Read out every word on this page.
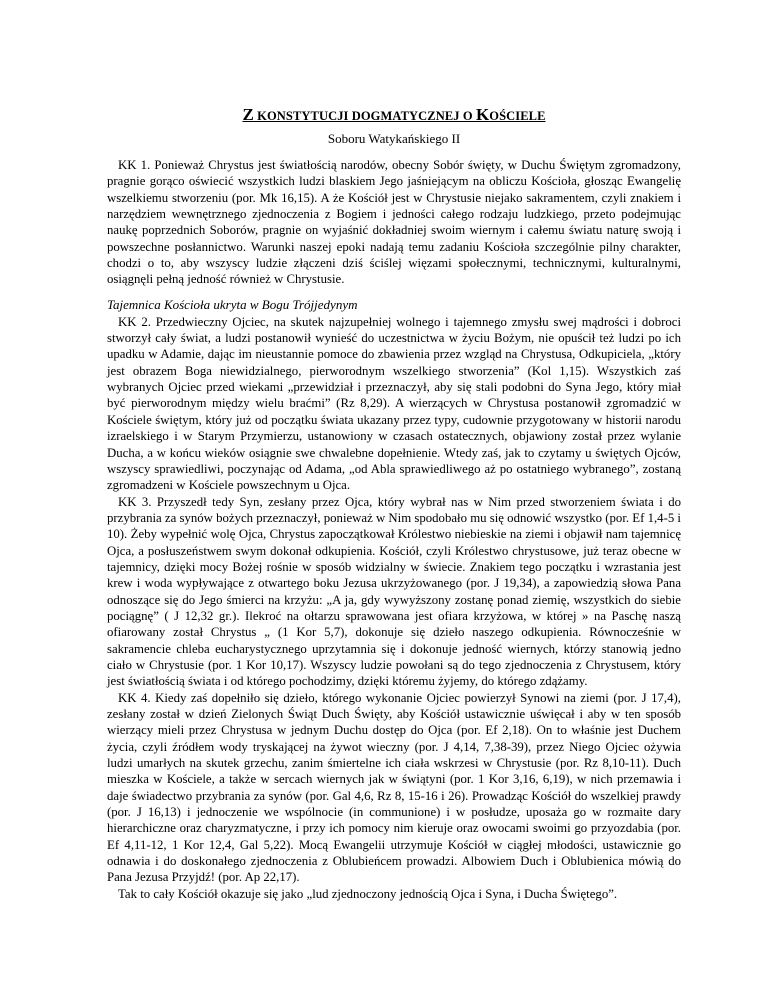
Z KONSTYTUCJI DOGMATYCZNEJ O KOŚCIELE

Soboru Watykańskiego II

KK 1. Ponieważ Chrystus jest światłością narodów, obecny Sobór święty, w Duchu Świętym zgromadzony, pragnie gorąco oświecić wszystkich ludzi blaskiem Jego jaśniejącym na obliczu Kościoła, głosząc Ewangelię wszelkiemu stworzeniu (por. Mk 16,15). A że Kościół jest w Chrystusie niejako sakramentem, czyli znakiem i narzędziem wewnętrznego zjednoczenia z Bogiem i jedności całego rodzaju ludzkiego, przeto podejmując naukę poprzednich Soborów, pragnie on wyjaśnić dokładniej swoim wiernym i całemu światu naturę swoją i powszechne posłannictwo. Warunki naszej epoki nadają temu zadaniu Kościoła szczególnie pilny charakter, chodzi o to, aby wszyscy ludzie złączeni dziś ściślej więzami społecznymi, technicznymi, kulturalnymi, osiągnęli pełną jedność również w Chrystusie.

Tajemnica Kościoła ukryta w Bogu Trójjedynym

KK 2. Przedwieczny Ojciec, na skutek najzupełniej wolnego i tajemnego zmysłu swej mądrości i dobroci stworzył cały świat, a ludzi postanowił wynieść do uczestnictwa w życiu Bożym, nie opuścił też ludzi po ich upadku w Adamie, dając im nieustannie pomoce do zbawienia przez wzgląd na Chrystusa, Odkupiciela, „który jest obrazem Boga niewidzialnego, pierworodnym wszelkiego stworzenia” (Kol 1,15). Wszystkich zaś wybranych Ojciec przed wiekami „przewidział i przeznaczył, aby się stali podobni do Syna Jego, który miał być pierworodnym między wielu braćmi” (Rz 8,29). A wierzących w Chrystusa postanowił zgromadzić w Kościele świętym, który już od początku świata ukazany przez typy, cudownie przygotowany w historii narodu izraelskiego i w Starym Przymierzu, ustanowiony w czasach ostatecznych, objawiony został przez wylanie Ducha, a w końcu wieków osiągnie swe chwalebne dopełnienie. Wtedy zaś, jak to czytamy u świętych Ojców, wszyscy sprawiedliwi, poczynając od Adama, „od Abla sprawiedliwego aż po ostatniego wybranego”, zostaną zgromadzeni w Kościele powszechnym u Ojca.

KK 3. Przyszedł tedy Syn, zesłany przez Ojca, który wybrał nas w Nim przed stworzeniem świata i do przybrania za synów bożych przeznaczył, ponieważ w Nim spodobało mu się odnowić wszystko (por. Ef 1,4-5 i 10). Żeby wypełnić wolę Ojca, Chrystus zapoczątkował Królestwo niebieskie na ziemi i objawił nam tajemnicę Ojca, a posłuszeństwem swym dokonał odkupienia. Kościół, czyli Królestwo chrystusowe, już teraz obecne w tajemnicy, dzięki mocy Bożej rośnie w sposób widzialny w świecie. Znakiem tego początku i wzrastania jest krew i woda wypływające z otwartego boku Jezusa ukrzyżowanego (por. J 19,34), a zapowiedzią słowa Pana odnoszące się do Jego śmierci na krzyżu: „A ja, gdy wywyższony zostanę ponad ziemię, wszystkich do siebie pociągnę” ( J 12,32 gr.). Ilekroć na ołtarzu sprawowana jest ofiara krzyżowa, w której » na Paschę naszą ofiarowany został Chrystus „ (1 Kor 5,7), dokonuje się dzieło naszego odkupienia. Równocześnie w sakramencie chleba eucharystycznego uprzytamnia się i dokonuje jedność wiernych, którzy stanowią jedno ciało w Chrystusie (por. 1 Kor 10,17). Wszyscy ludzie powołani są do tego zjednoczenia z Chrystusem, który jest światłością świata i od którego pochodzimy, dzięki któremu żyjemy, do którego zdążamy.

KK 4. Kiedy zaś dopełniło się dzieło, którego wykonanie Ojciec powierzył Synowi na ziemi (por. J 17,4), zesłany został w dzień Zielonych Świąt Duch Święty, aby Kościół ustawicznie uświęcał i aby w ten sposób wierzący mieli przez Chrystusa w jednym Duchu dostęp do Ojca (por. Ef 2,18). On to właśnie jest Duchem życia, czyli źródłem wody tryskającej na żywot wieczny (por. J 4,14, 7,38-39), przez Niego Ojciec ożywia ludzi umarłych na skutek grzechu, zanim śmiertelne ich ciała wskrzesi w Chrystusie (por. Rz 8,10-11). Duch mieszka w Kościele, a także w sercach wiernych jak w świątyni (por. 1 Kor 3,16, 6,19), w nich przemawia i daje świadectwo przybrania za synów (por. Gal 4,6, Rz 8, 15-16 i 26). Prowadząc Kościół do wszelkiej prawdy (por. J 16,13) i jednoczenie we wspólnocie (in communione) i w posłudze, uposaża go w rozmaite dary hierarchiczne oraz charyzmatyczne, i przy ich pomocy nim kieruje oraz owocami swoimi go przyozdabia (por. Ef 4,11-12, 1 Kor 12,4, Gal 5,22). Mocą Ewangelii utrzymuje Kościół w ciągłej młodości, ustawicznie go odnawia i do doskonałego zjednoczenia z Oblubieńcem prowadzi. Albowiem Duch i Oblubienica mówią do Pana Jezusa Przyjdź! (por. Ap 22,17).

Tak to cały Kościół okazuje się jako „lud zjednoczony jednością Ojca i Syna, i Ducha Świętego”.
